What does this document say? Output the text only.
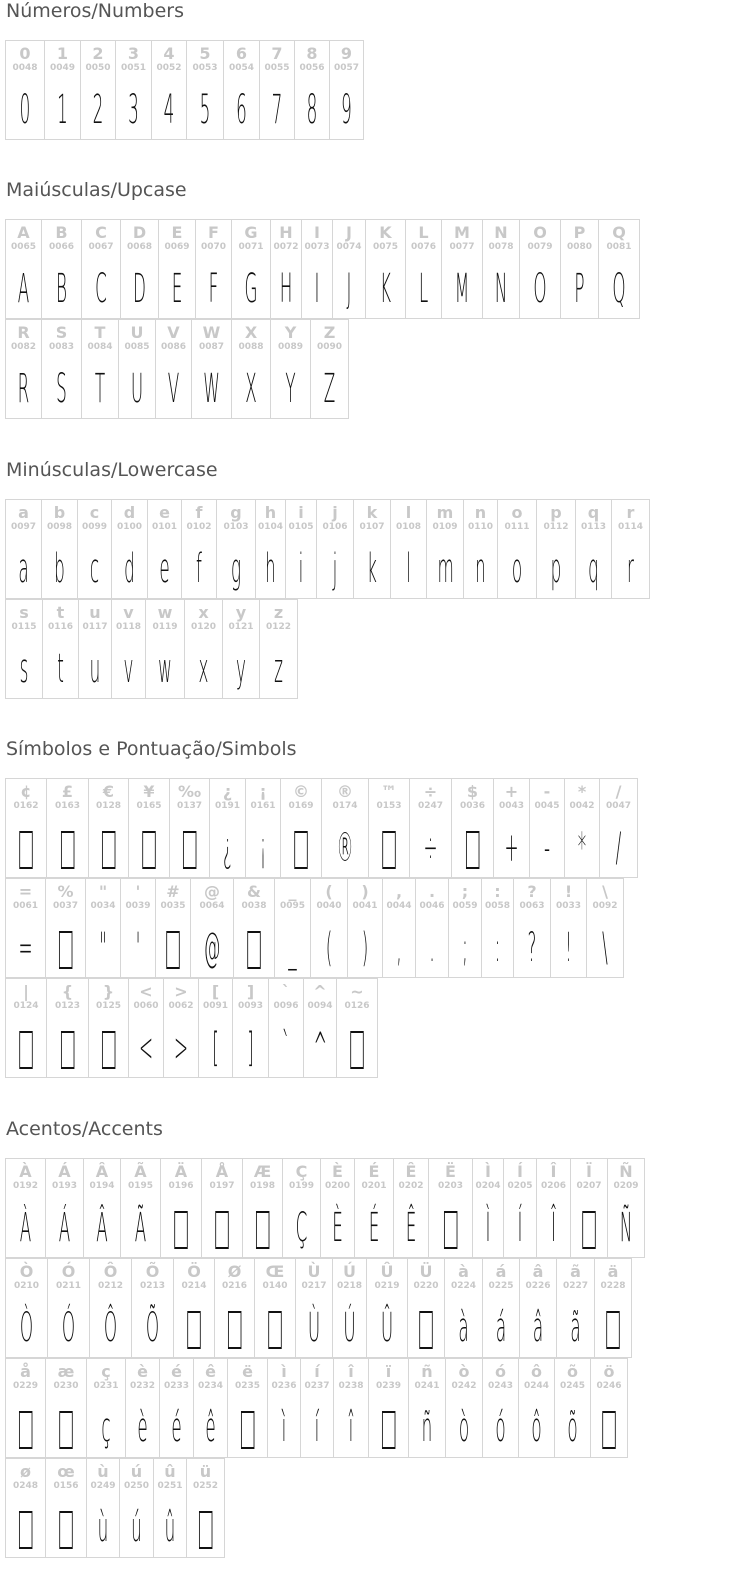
Números/Numbers
0
0048
0
1
0049
1
2
0050
2
3
0051
3
4
0052
4
5
0053
5
6
0054
6
7
0055
7
8
0056
8
9
0057
9
Maiúsculas/Upcase
A
0065
A
B
0066
B
C
0067
C
D
0068
D
E
0069
E
F
0070
F
G
0071
G
H
0072
H
I
0073
I
J
0074
J
K
0075
K
L
0076
L
M
0077
M
N
0078
N
O
0079
O
P
0080
P
Q
0081
Q
R
0082
R
S
0083
S
T
0084
T
U
0085
U
V
0086
V
W
0087
W
X
0088
X
Y
0089
Y
Z
0090
Z
Minúsculas/Lowercase
a
0097
a
b
0098
b
c
0099
c
d
0100
d
e
0101
e
f
0102
f
g
0103
g
h
0104
h
i
0105
i
j
0106
j
k
0107
k
l
0108
l
m
0109
m
n
0110
n
o
0111
o
p
0112
p
q
0113
q
r
0114
r
s
0115
s
t
0116
t
u
0117
u
v
0118
v
w
0119
w
x
0120
x
y
0121
y
z
0122
z
Símbolos e Pontuação/Simbols
¢
0162
£
0163
€
0128
¥
0165
‰
0137
¿
0191
¿
¡
0161
¡
©
0169
®
0174
®
™
0153
÷
0247
÷
$
0036
+
0043
+
-
0045
-
*
0042
*
/
0047
/
=
0061
=
%
0037
"
0034
"
'
0039
'
#
0035
@
0064
@
&
0038
_
0095
_
(
0040
(
)
0041
)
,
0044
,
.
0046
.
;
0059
;
:
0058
:
?
0063
?
!
0033
!
\
0092
\
|
0124
{
0123
}
0125
<
0060
<
>
0062
>
[
0091
[
]
0093
]
`
0096
`
^
0094
^
~
0126
Acentos/Accents
À
0192
À
Á
0193
Á
Â
0194
Â
Ã
0195
Ã
Ä
0196
Å
0197
Æ
0198
Ç
0199
Ç
È
0200
È
É
0201
É
Ê
0202
Ê
Ë
0203
Ì
0204
Ì
Í
0205
Í
Î
0206
Î
Ï
0207
Ñ
0209
Ñ
Ò
0210
Ò
Ó
0211
Ó
Ô
0212
Ô
Õ
0213
Õ
Ö
0214
Ø
0216
Œ
0140
Ù
0217
Ù
Ú
0218
Ú
Û
0219
Û
Ü
0220
à
0224
à
á
0225
á
â
0226
â
ã
0227
ã
ä
0228
å
0229
æ
0230
ç
0231
ç
è
0232
è
é
0233
é
ê
0234
ê
ë
0235
ì
0236
ì
í
0237
í
î
0238
î
ï
0239
ñ
0241
ñ
ò
0242
ò
ó
0243
ó
ô
0244
ô
õ
0245
õ
ö
0246
ø
0248
œ
0156
ù
0249
ù
ú
0250
ú
û
0251
û
ü
0252
